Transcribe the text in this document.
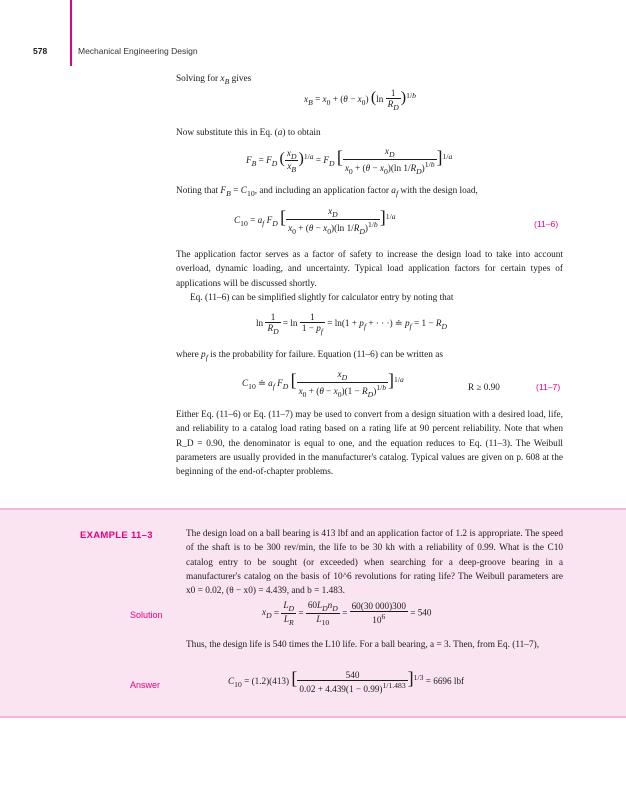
578	Mechanical Engineering Design
Solving for $x_B$ gives
$x_B = x_0 + (\theta - x_0)$ $(\ln \frac{1}{R_D} )^{1/b}$
Now substitute this in Eq. (a) to obtain
$F_B = F_D$ ( $\frac{x_D}{x_B} )^{1/a} = F_D$ [ $\frac{x_D}{x_0 + (\theta - x_0)(\ln 1/R_D)^{1/b}} ]^{1/a}$
Noting that $F_B = C_{10}$, and including an application factor $a_f$ with the design load,
$C_{10} = a_f$ $F_D$ [ $\frac{x_D}{x_0 + (\theta - x_0)(\ln 1/R_D)^{1/b}} ]^{1/a}$
(11–6)
The application factor serves as a factor of safety to increase the design load to take into account overload, dynamic loading, and uncertainty. Typical load application factors for certain types of applications will be discussed shortly.
Eq. (11–6) can be simplified slightly for calculator entry by noting that
$\ln \frac{1}{R_D} = \ln \frac{1}{1 - p_f} = \ln(1 + p_f$ + · · ·) ≐ $p_f = 1 - R_D$
where $p_f$ is the probability for failure. Equation (11–6) can be written as
$C_{10}$ ≐ $a_f$ $F_D$ [ $\frac{x_D}{x_0 + (\theta - x_0)(1 - R_D)^{1/b}} ]^{1/a}$
R ≥ 0.90	(11–7)
Either Eq. (11–6) or Eq. (11–7) may be used to convert from a design situation with a desired load, life, and reliability to a catalog load rating based on a rating life at 90 percent reliability. Note that when R_D = 0.90, the denominator is equal to one, and the equation reduces to Eq. (11–3). The Weibull parameters are usually provided in the manufacturer's catalog. Typical values are given on p. 608 at the beginning of the end-of-chapter problems.
EXAMPLE 11–3	The design load on a ball bearing is 413 lbf and an application factor of 1.2 is appropriate. The speed of the shaft is to be 300 rev/min, the life to be 30 kh with a reliability of 0.99. What is the C10 catalog entry to be sought (or exceeded) when searching for a deep-groove bearing in a manufacturer's catalog on the basis of 10^6 revolutions for rating life? The Weibull parameters are x0 = 0.02, (θ − x0) = 4.439, and b = 1.483.
Solution	$x_D = \frac{L_D}{L_R} = \frac{60L_Dn_D}{L_{10}} = \frac{60(30 000)300}{10^6} = 540$
Thus, the design life is 540 times the L10 life. For a ball bearing, a = 3. Then, from Eq. (11–7),
Answer	$C_{10} = (1.2)(413)$ [ $\frac{540}{0.02 + 4.439(1 - 0.99)^{1/1.483}} ]^{1/3} = 6696$ lbf
